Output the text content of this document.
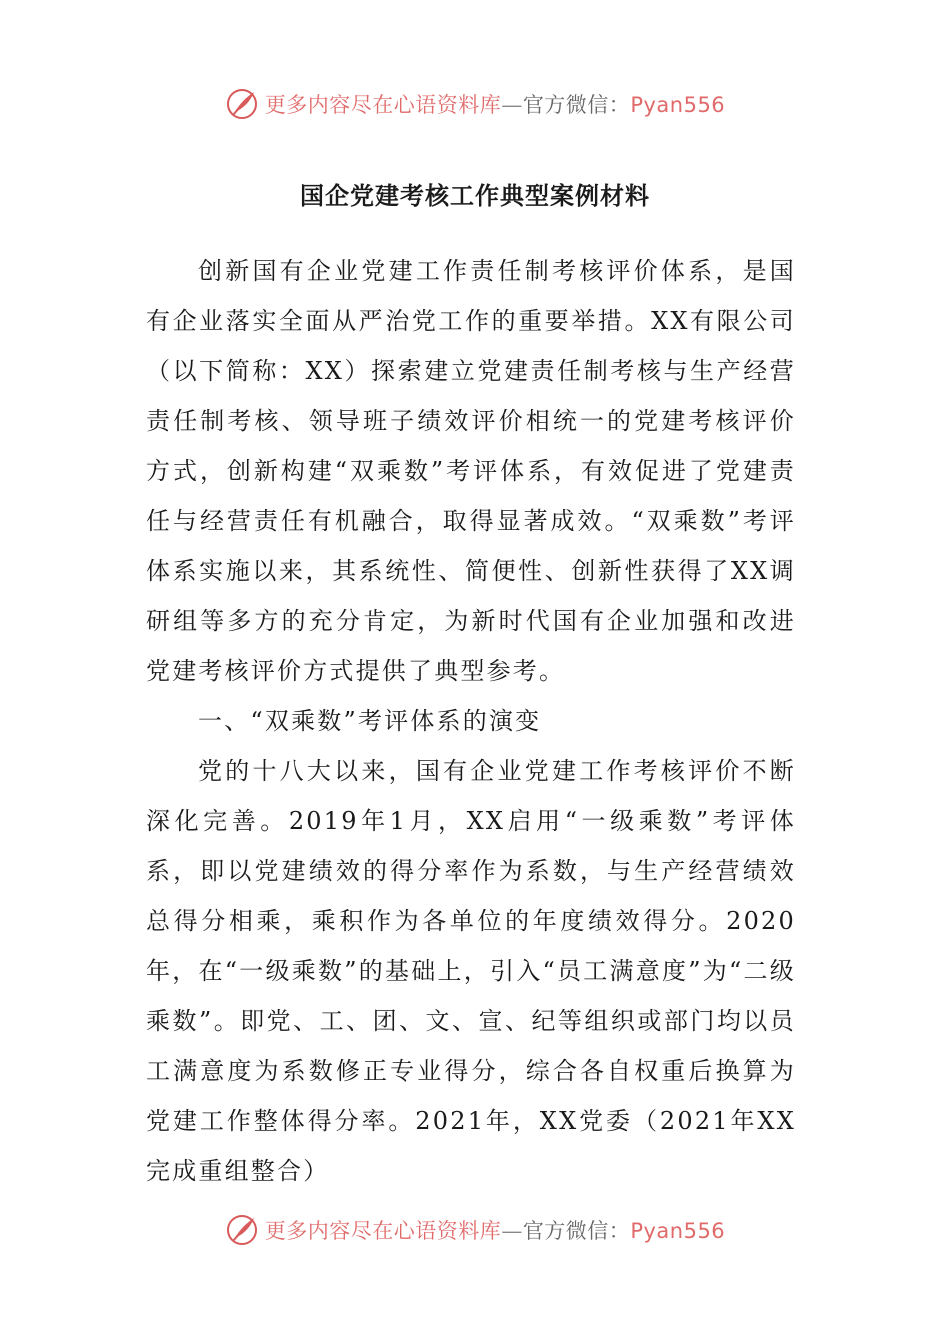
更多内容尽在心语资料库—官方微信：Pyan556
国企党建考核工作典型案例材料

创新国有企业党建工作责任制考核评价体系，是国有企业落实全面从严治党工作的重要举措。XX有限公司（以下简称：XX）探索建立党建责任制考核与生产经营责任制考核、领导班子绩效评价相统一的党建考核评价方式，创新构建“双乘数”考评体系，有效促进了党建责任与经营责任有机融合，取得显著成效。“双乘数”考评体系实施以来，其系统性、简便性、创新性获得了XX调研组等多方的充分肯定，为新时代国有企业加强和改进党建考核评价方式提供了典型参考。

一、“双乘数”考评体系的演变

党的十八大以来，国有企业党建工作考核评价不断深化完善。2019年1月，XX启用“一级乘数”考评体系，即以党建绩效的得分率作为系数，与生产经营绩效总得分相乘，乘积作为各单位的年度绩效得分。2020年，在“一级乘数”的基础上，引入“员工满意度”为“二级乘数”。即党、工、团、文、宣、纪等组织或部门均以员工满意度为系数修正专业得分，综合各自权重后换算为党建工作整体得分率。2021年，XX党委（2021年XX完成重组整合）

更多内容尽在心语资料库—官方微信：Pyan556
